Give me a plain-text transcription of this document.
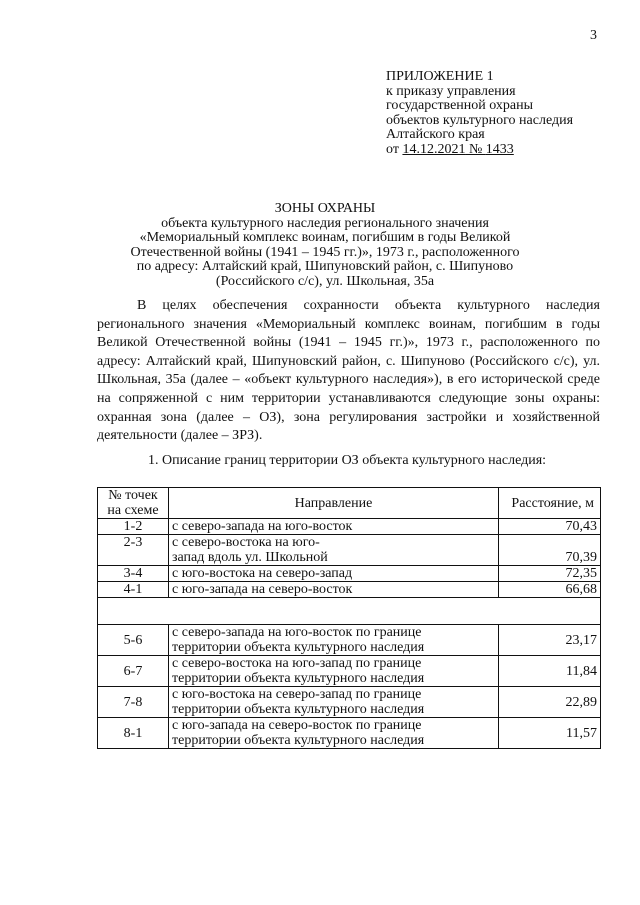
3
ПРИЛОЖЕНИЕ 1
к приказу управления
государственной охраны
объектов культурного наследия
Алтайского края
от 14.12.2021 № 1433
ЗОНЫ ОХРАНЫ
объекта культурного наследия регионального значения
«Мемориальный комплекс воинам, погибшим в годы Великой
Отечественной войны (1941 – 1945 гг.)», 1973 г., расположенного
по адресу: Алтайский край, Шипуновский район, с. Шипуново
(Российского с/с), ул. Школьная, 35а
В целях обеспечения сохранности объекта культурного наследия регионального значения «Мемориальный комплекс воинам, погибшим в годы Великой Отечественной войны (1941 – 1945 гг.)», 1973 г., расположенного по адресу: Алтайский край, Шипуновский район, с. Шипуново (Российского с/с), ул. Школьная, 35а (далее – «объект культурного наследия»), в его исторической среде на сопряженной с ним территории устанавливаются следующие зоны охраны: охранная зона (далее – ОЗ), зона регулирования застройки и хозяйственной деятельности (далее – ЗРЗ).
1. Описание границ территории ОЗ объекта культурного наследия:
№ точек на схеме	Направление	Расстояние, м
1-2	с северо-запада на юго-восток	70,43
2-3	с северо-востока на юго-запад вдоль ул. Школьной	70,39
3-4	с юго-востока на северо-запад	72,35
4-1	с юго-запада на северо-восток	66,68

5-6	с северо-запада на юго-восток по границе территории объекта культурного наследия	23,17
6-7	с северо-востока на юго-запад по границе территории объекта культурного наследия	11,84
7-8	с юго-востока на северо-запад по границе территории объекта культурного наследия	22,89
8-1	с юго-запада на северо-восток по границе территории объекта культурного наследия	11,57
